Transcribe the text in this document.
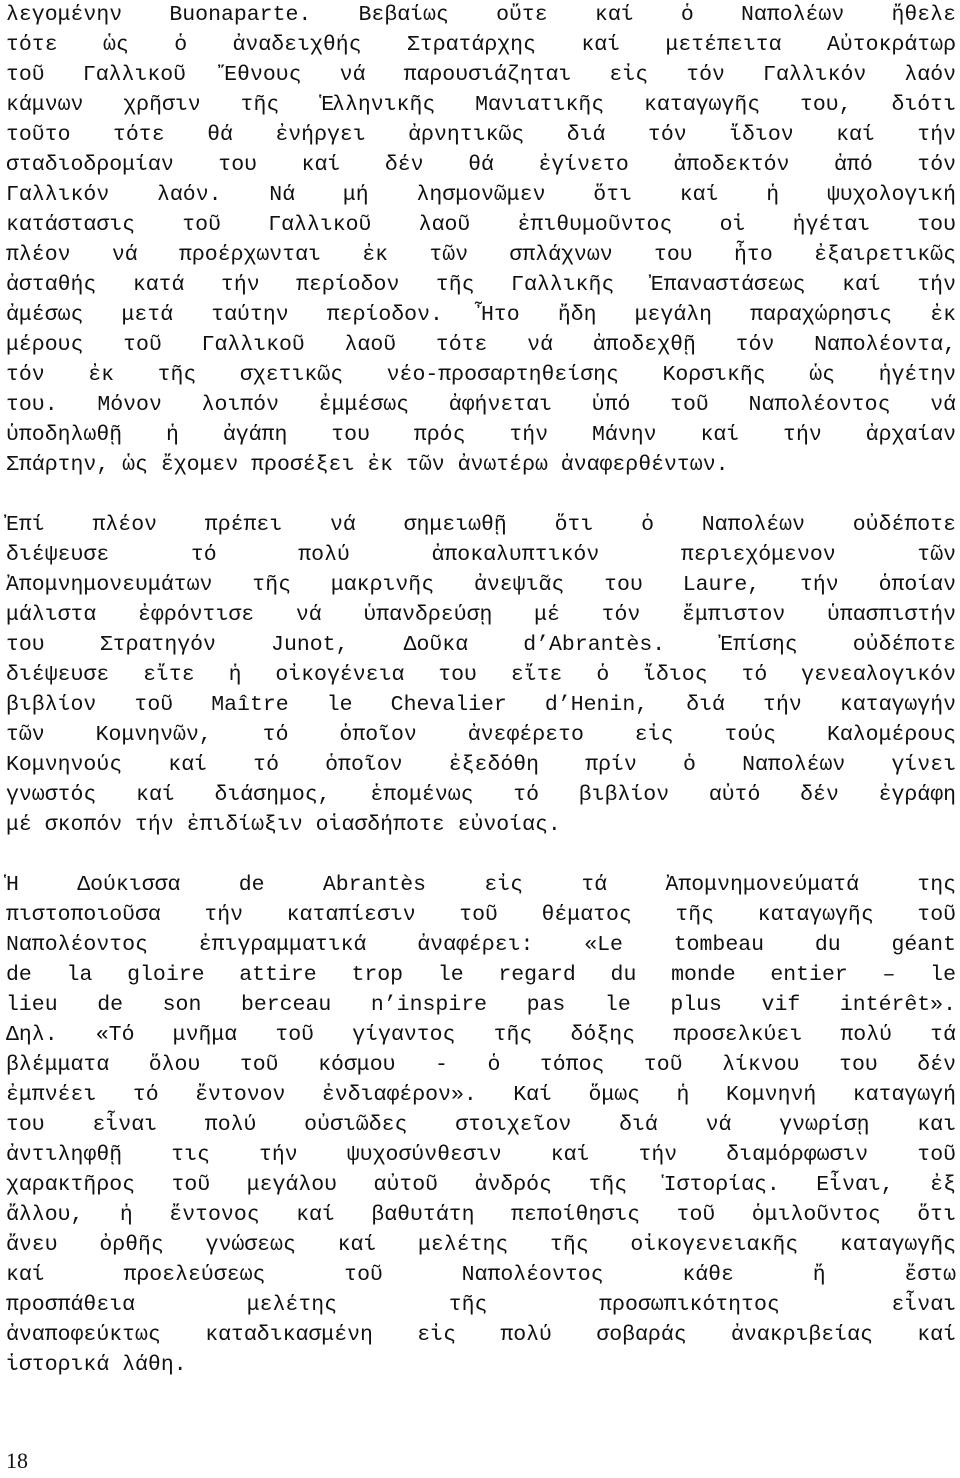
λεγομένην Buonaparte. Βεβαίως οὔτε καί ὁ Ναπολέων ἤθελε
τότε ὡς ὁ ἀναδειχθής Στρατάρχης καί μετέπειτα Αὐτοκράτωρ
τοῦ Γαλλικοῦ Ἔθνους νά παρουσιάζηται εἰς τόν Γαλλικόν λαόν
κάμνων χρῆσιν τῆς Ἑλληνικῆς Μανιατικῆς καταγωγῆς του, διότι
τοῦτο τότε θά ἐνήργει ἀρνητικῶς διά τόν ἴδιον καί τήν
σταδιοδρομίαν του καί δέν θά ἐγίνετο ἀποδεκτόν ἀπό τόν
Γαλλικόν λαόν. Νά μή λησμονῶμεν ὅτι καί ἡ ψυχολογική
κατάστασις τοῦ Γαλλικοῦ λαοῦ ἐπιθυμοῦντος οἱ ἡγέται του
πλέον νά προέρχωνται ἐκ τῶν σπλάχνων του ἦτο ἐξαιρετικῶς
ἀσταθής κατά τήν περίοδον τῆς Γαλλικῆς Ἐπαναστάσεως καί τήν
ἀμέσως μετά ταύτην περίοδον. Ἦτο ἤδη μεγάλη παραχώρησις ἐκ
μέρους τοῦ Γαλλικοῦ λαοῦ τότε νά ἀποδεχθῇ τόν Ναπολέοντα,
τόν ἐκ τῆς σχετικῶς νέο-προσαρτηθείσης Κορσικῆς ὡς ἡγέτην
του. Μόνον λοιπόν ἐμμέσως ἀφήνεται ὑπό τοῦ Ναπολέοντος νά
ὑποδηλωθῇ ἡ ἀγάπη του πρός τήν Μάνην καί τήν ἀρχαίαν
Σπάρτην, ὡς ἔχομεν προσέξει ἐκ τῶν ἀνωτέρω ἀναφερθέντων.
Ἐπί πλέον πρέπει νά σημειωθῇ ὅτι ὁ Ναπολέων οὐδέποτε
διέψευσε τό πολύ ἀποκαλυπτικόν περιεχόμενον τῶν
Ἀπομνημονευμάτων τῆς μακρινῆς ἀνεψιᾶς του Laure, τήν ὁποίαν
μάλιστα ἐφρόντισε νά ὑπανδρεύσῃ μέ τόν ἔμπιστον ὑπασπιστήν
του Στρατηγόν Junot, Δοῦκα d’Abrantès. Ἐπίσης οὐδέποτε
διέψευσε εἴτε ἡ οἰκογένεια του εἴτε ὁ ἴδιος τό γενεαλογικόν
βιβλίον τοῦ Maître le Chevalier d’Henin, διά τήν καταγωγήν
τῶν Κομνηνῶν, τό ὁποῖον ἀνεφέρετο εἰς τούς Καλομέρους
Κομνηνούς καί τό ὁποῖον ἐξεδόθη πρίν ὁ Ναπολέων γίνει
γνωστός καί διάσημος, ἑπομένως τό βιβλίον αὐτό δέν ἐγράφη
μέ σκοπόν τήν ἐπιδίωξιν οἱασδήποτε εὐνοίας.
Ἡ Δούκισσα de Abrantès εἰς τά Ἀπομνημονεύματά της
πιστοποιοῦσα τήν καταπίεσιν τοῦ θέματος τῆς καταγωγῆς τοῦ
Ναπολέοντος ἐπιγραμματικά ἀναφέρει: «Le tombeau du géant
de la gloire attire trop le regard du monde entier – le
lieu de son berceau n’inspire pas le plus vif intérêt».
Δηλ. «Τό μνῆμα τοῦ γίγαντος τῆς δόξης προσελκύει πολύ τά
βλέμματα ὅλου τοῦ κόσμου - ὁ τόπος τοῦ λίκνου του δέν
ἐμπνέει τό ἔντονον ἐνδιαφέρον». Καί ὅμως ἡ Κομνηνή καταγωγή
του εἶναι πολύ οὐσιῶδες στοιχεῖον διά νά γνωρίσῃ και
ἀντιληφθῇ τις τήν ψυχοσύνθεσιν καί τήν διαμόρφωσιν τοῦ
χαρακτῆρος τοῦ μεγάλου αὐτοῦ ἀνδρός τῆς Ἱστορίας. Εἶναι, ἐξ
ἄλλου, ἡ ἔντονος καί βαθυτάτη πεποίθησις τοῦ ὁμιλοῦντος ὅτι
ἄνευ ὀρθῆς γνώσεως καί μελέτης τῆς οἰκογενειακῆς καταγωγῆς
καί προελεύσεως τοῦ Ναπολέοντος κάθε ἤ ἔστω
προσπάθεια μελέτης τῆς προσωπικότητος εἶναι
ἀναποφεύκτως καταδικασμένη εἰς πολύ σοβαράς ἀνακριβείας καί
ἱστορικά λάθη.
18
